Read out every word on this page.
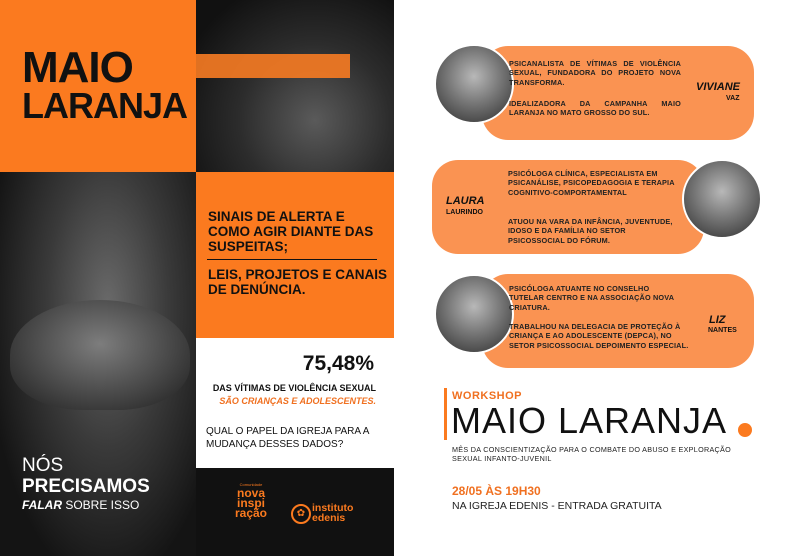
MAIO
LARANJA
SINAIS DE ALERTA E COMO AGIR DIANTE DAS SUSPEITAS;
LEIS, PROJETOS E CANAIS DE DENÚNCIA.
75,48%
DAS VÍTIMAS DE VIOLÊNCIA SEXUAL
SÃO CRIANÇAS E ADOLESCENTES.
QUAL O PAPEL DA IGREJA PARA A MUDANÇA DESSES DADOS?
Comunidade
nova inspi ração	✿ instituto edenis
NÓS
PRECISAMOS
FALAR SOBRE ISSO
PSICANALISTA DE VÍTIMAS DE VIOLÊNCIA SEXUAL, FUNDADORA DO PROJETO NOVA TRANSFORMA.
IDEALIZADORA DA CAMPANHA MAIO LARANJA NO MATO GROSSO DO SUL.
VIVIANE
VAZ
PSICÓLOGA CLÍNICA, ESPECIALISTA EM PSICANÁLISE, PSICOPEDAGOGIA E TERAPIA COGNITIVO-COMPORTAMENTAL
ATUOU NA VARA DA INFÂNCIA, JUVENTUDE, IDOSO E DA FAMÍLIA NO SETOR PSICOSSOCIAL DO FÓRUM.
LAURA
LAURINDO
PSICÓLOGA ATUANTE NO CONSELHO TUTELAR CENTRO E NA ASSOCIAÇÃO NOVA CRIATURA.
TRABALHOU NA DELEGACIA DE PROTEÇÃO À CRIANÇA E AO ADOLESCENTE (DEPCA), NO SETOR PSICOSSOCIAL DEPOIMENTO ESPECIAL.
LIZ
NANTES
WORKSHOP
MAIO LARANJA
MÊS DA CONSCIENTIZAÇÃO PARA O COMBATE DO ABUSO E EXPLORAÇÃO SEXUAL INFANTO-JUVENIL
28/05 ÀS 19H30
NA IGREJA EDENIS - ENTRADA GRATUITA
